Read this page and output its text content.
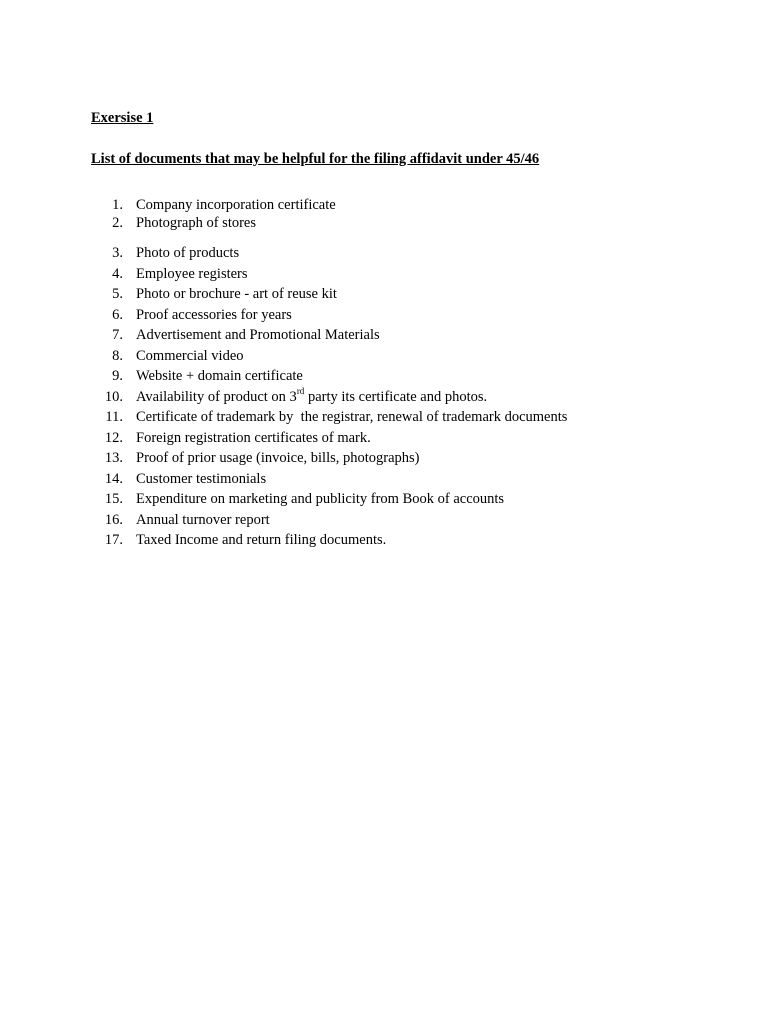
Exersise 1
List of documents that may be helpful for the filing affidavit under 45/46
1. Company incorporation certificate
2. Photograph of stores
3. Photo of products
4. Employee registers
5. Photo or brochure - art of reuse kit
6. Proof accessories for years
7. Advertisement and Promotional Materials
8. Commercial video
9. Website + domain certificate
10. Availability of product on 3rd party its certificate and photos.
11. Certificate of trademark by  the registrar, renewal of trademark documents
12. Foreign registration certificates of mark.
13. Proof of prior usage (invoice, bills, photographs)
14. Customer testimonials
15. Expenditure on marketing and publicity from Book of accounts
16. Annual turnover report
17. Taxed Income and return filing documents.
